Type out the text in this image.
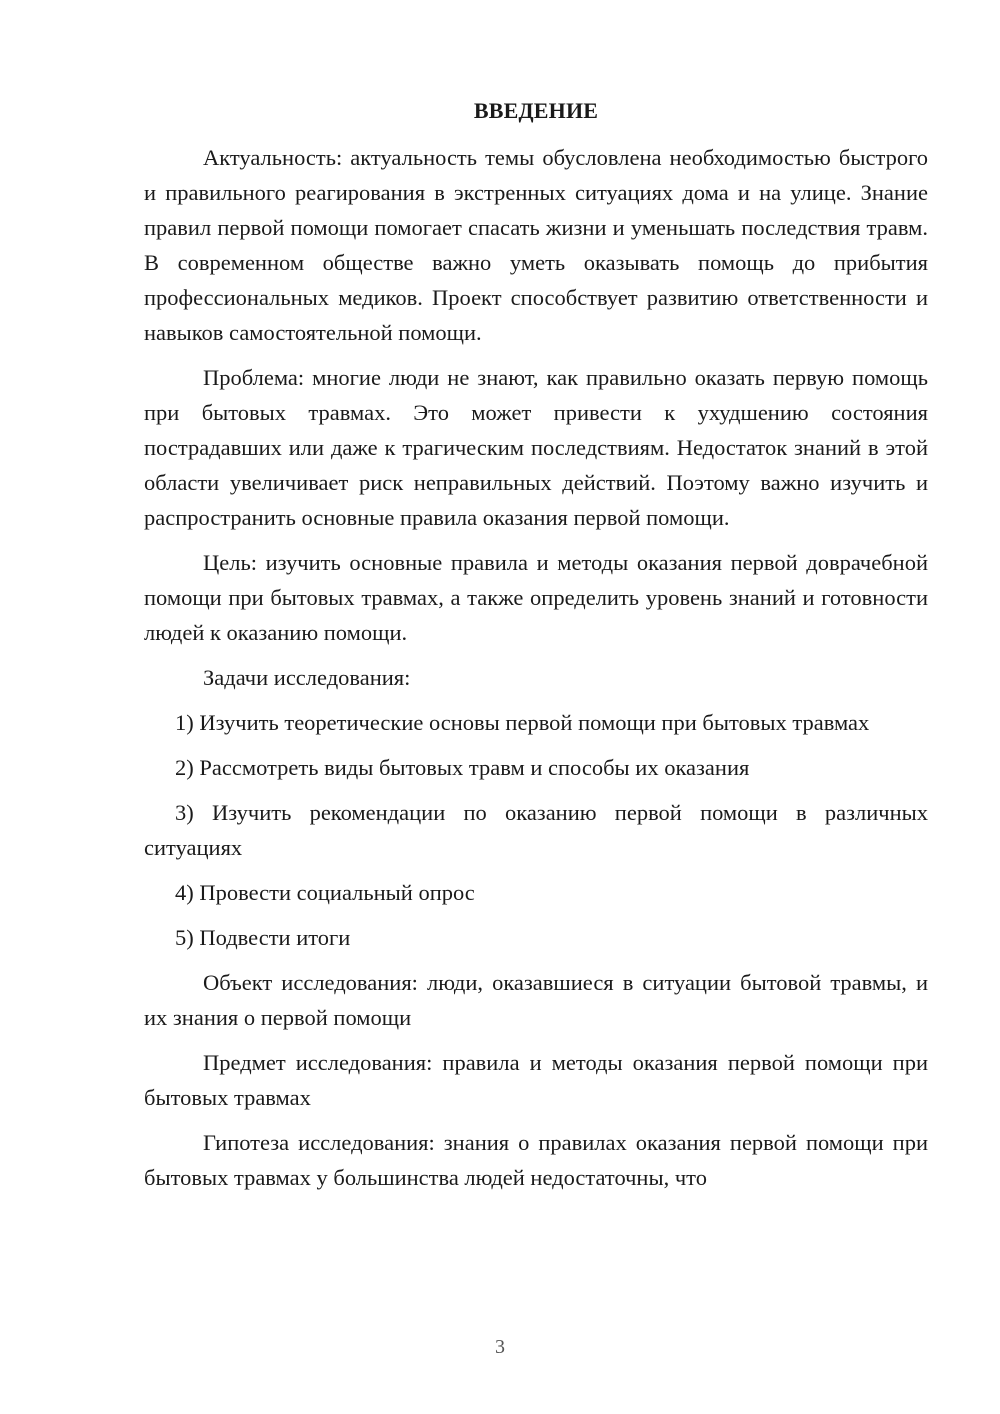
ВВЕДЕНИЕ

Актуальность: актуальность темы обусловлена необходимостью быстрого и правильного реагирования в экстренных ситуациях дома и на улице. Знание правил первой помощи помогает спасать жизни и уменьшать последствия травм. В современном обществе важно уметь оказывать помощь до прибытия профессиональных медиков. Проект способствует развитию ответственности и навыков самостоятельной помощи.

Проблема: многие люди не знают, как правильно оказать первую помощь при бытовых травмах. Это может привести к ухудшению состояния пострадавших или даже к трагическим последствиям. Недостаток знаний в этой области увеличивает риск неправильных действий. Поэтому важно изучить и распространить основные правила оказания первой помощи.

Цель: изучить основные правила и методы оказания первой доврачебной помощи при бытовых травмах, а также определить уровень знаний и готовности людей к оказанию помощи.

Задачи исследования:

1) Изучить теоретические основы первой помощи при бытовых травмах

2) Рассмотреть виды бытовых травм и способы их оказания

3) Изучить рекомендации по оказанию первой помощи в различных ситуациях

4) Провести социальный опрос

5) Подвести итоги

Объект исследования: люди, оказавшиеся в ситуации бытовой травмы, и их знания о первой помощи

Предмет исследования: правила и методы оказания первой помощи при бытовых травмах

Гипотеза исследования: знания о правилах оказания первой помощи при бытовых травмах у большинства людей недостаточны, что

3
